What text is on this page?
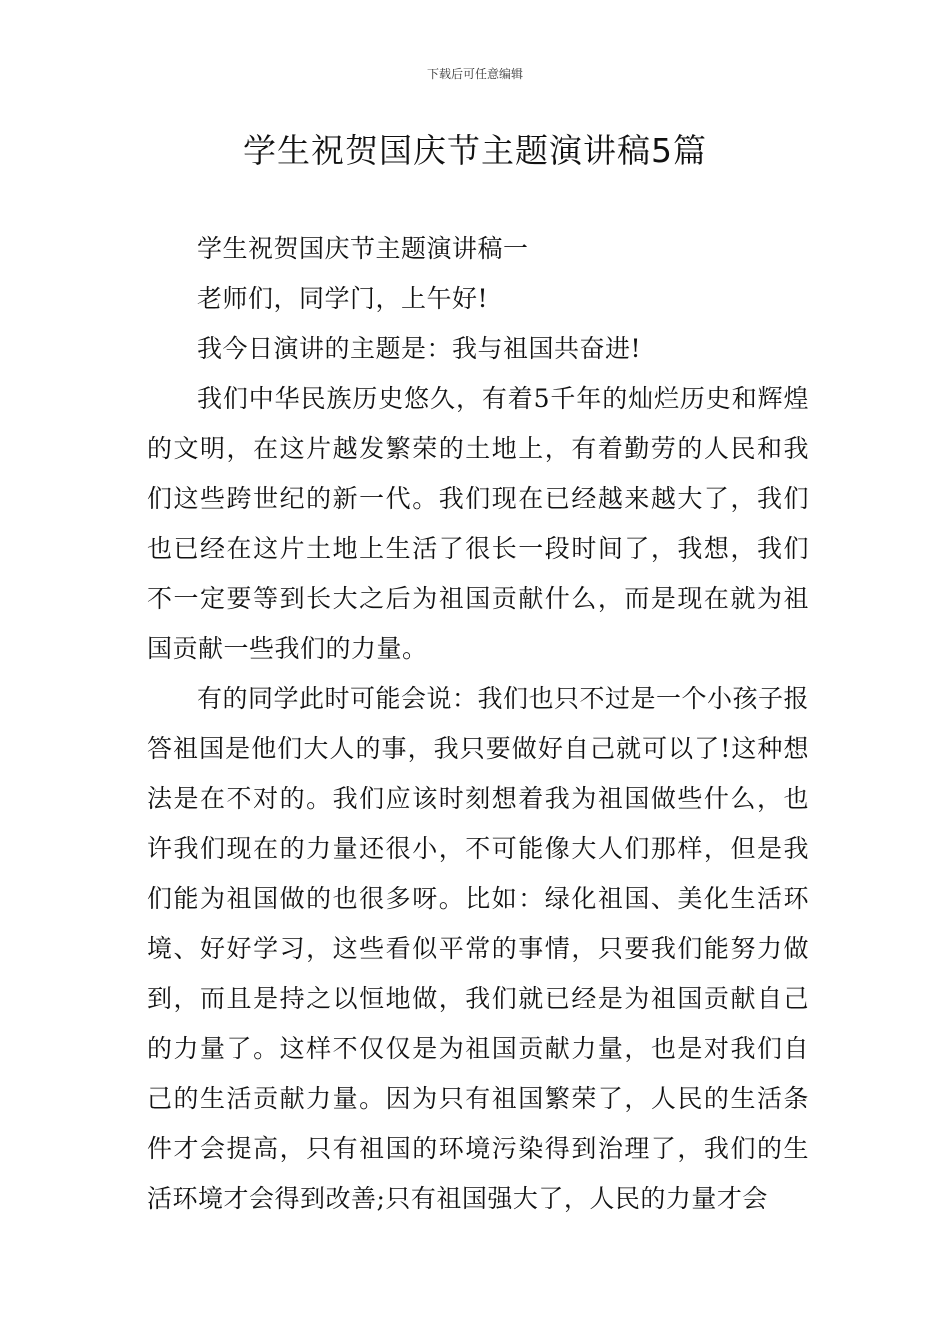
下载后可任意编辑
学生祝贺国庆节主题演讲稿5篇

学生祝贺国庆节主题演讲稿一

老师们，同学门，上午好!

我今日演讲的主题是：我与祖国共奋进!

我们中华民族历史悠久，有着5千年的灿烂历史和辉煌的文明，在这片越发繁荣的土地上，有着勤劳的人民和我们这些跨世纪的新一代。我们现在已经越来越大了，我们也已经在这片土地上生活了很长一段时间了，我想，我们不一定要等到长大之后为祖国贡献什么，而是现在就为祖国贡献一些我们的力量。

有的同学此时可能会说：我们也只不过是一个小孩子报答祖国是他们大人的事，我只要做好自己就可以了!这种想法是在不对的。我们应该时刻想着我为祖国做些什么，也许我们现在的力量还很小，不可能像大人们那样，但是我们能为祖国做的也很多呀。比如：绿化祖国、美化生活环境、好好学习，这些看似平常的事情，只要我们能努力做到，而且是持之以恒地做，我们就已经是为祖国贡献自己的力量了。这样不仅仅是为祖国贡献力量，也是对我们自己的生活贡献力量。因为只有祖国繁荣了，人民的生活条件才会提高，只有祖国的环境污染得到治理了，我们的生活环境才会得到改善;只有祖国强大了，人民的力量才会
